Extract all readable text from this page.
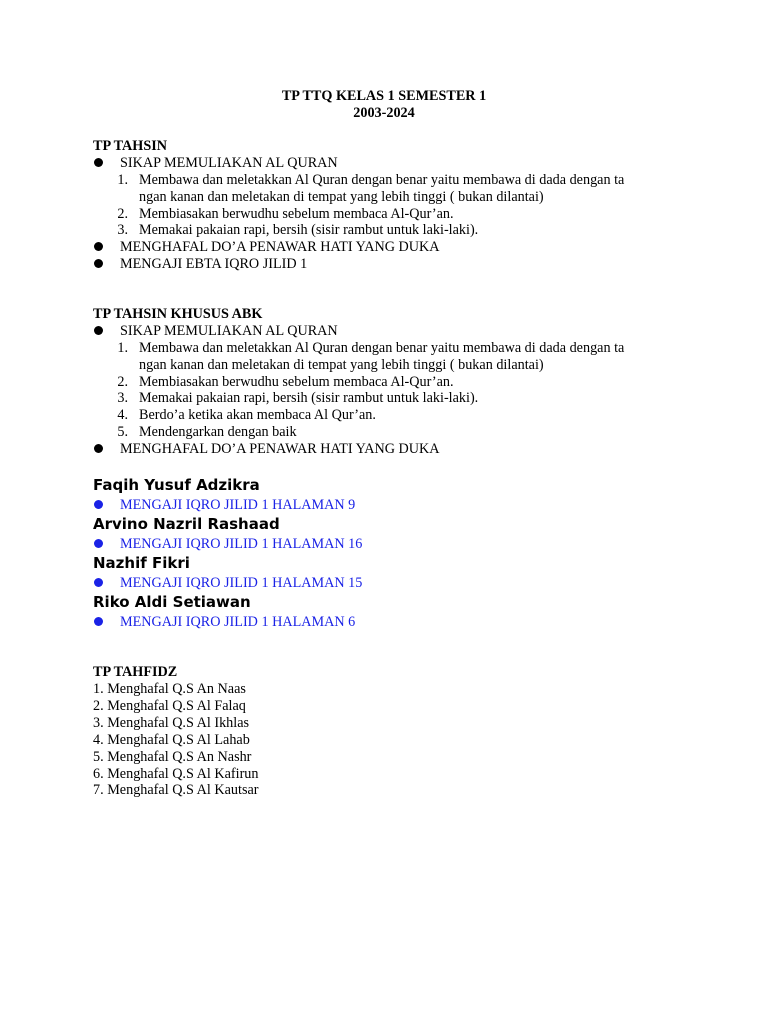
TP TTQ KELAS 1 SEMESTER 1
2003-2024
TP TAHSIN
SIKAP MEMULIAKAN AL QURAN
1. Membawa dan meletakkan Al Quran dengan benar yaitu membawa di dada dengan ta
ngan kanan dan meletakan di tempat yang lebih tinggi ( bukan dilantai)
2. Membiasakan berwudhu sebelum membaca Al-Qur’an.
3. Memakai pakaian rapi, bersih (sisir rambut untuk laki-laki).
MENGHAFAL DO’A PENAWAR HATI YANG DUKA
MENGAJI EBTA IQRO JILID 1
TP TAHSIN KHUSUS ABK
SIKAP MEMULIAKAN AL QURAN
1. Membawa dan meletakkan Al Quran dengan benar yaitu membawa di dada dengan ta
ngan kanan dan meletakan di tempat yang lebih tinggi ( bukan dilantai)
2. Membiasakan berwudhu sebelum membaca Al-Qur’an.
3. Memakai pakaian rapi, bersih (sisir rambut untuk laki-laki).
4. Berdo’a ketika akan membaca Al Qur’an.
5. Mendengarkan dengan baik
MENGHAFAL DO’A PENAWAR HATI YANG DUKA
Faqih Yusuf Adzikra
MENGAJI IQRO JILID 1 HALAMAN 9
Arvino Nazril Rashaad
MENGAJI IQRO JILID 1 HALAMAN 16
Nazhif Fikri
MENGAJI IQRO JILID 1 HALAMAN 15
Riko Aldi Setiawan
MENGAJI IQRO JILID 1 HALAMAN 6
TP TAHFIDZ
1. Menghafal Q.S An Naas
2. Menghafal Q.S Al Falaq
3. Menghafal Q.S Al Ikhlas
4. Menghafal Q.S Al Lahab
5. Menghafal Q.S An Nashr
6. Menghafal Q.S Al Kafirun
7. Menghafal Q.S Al Kautsar
